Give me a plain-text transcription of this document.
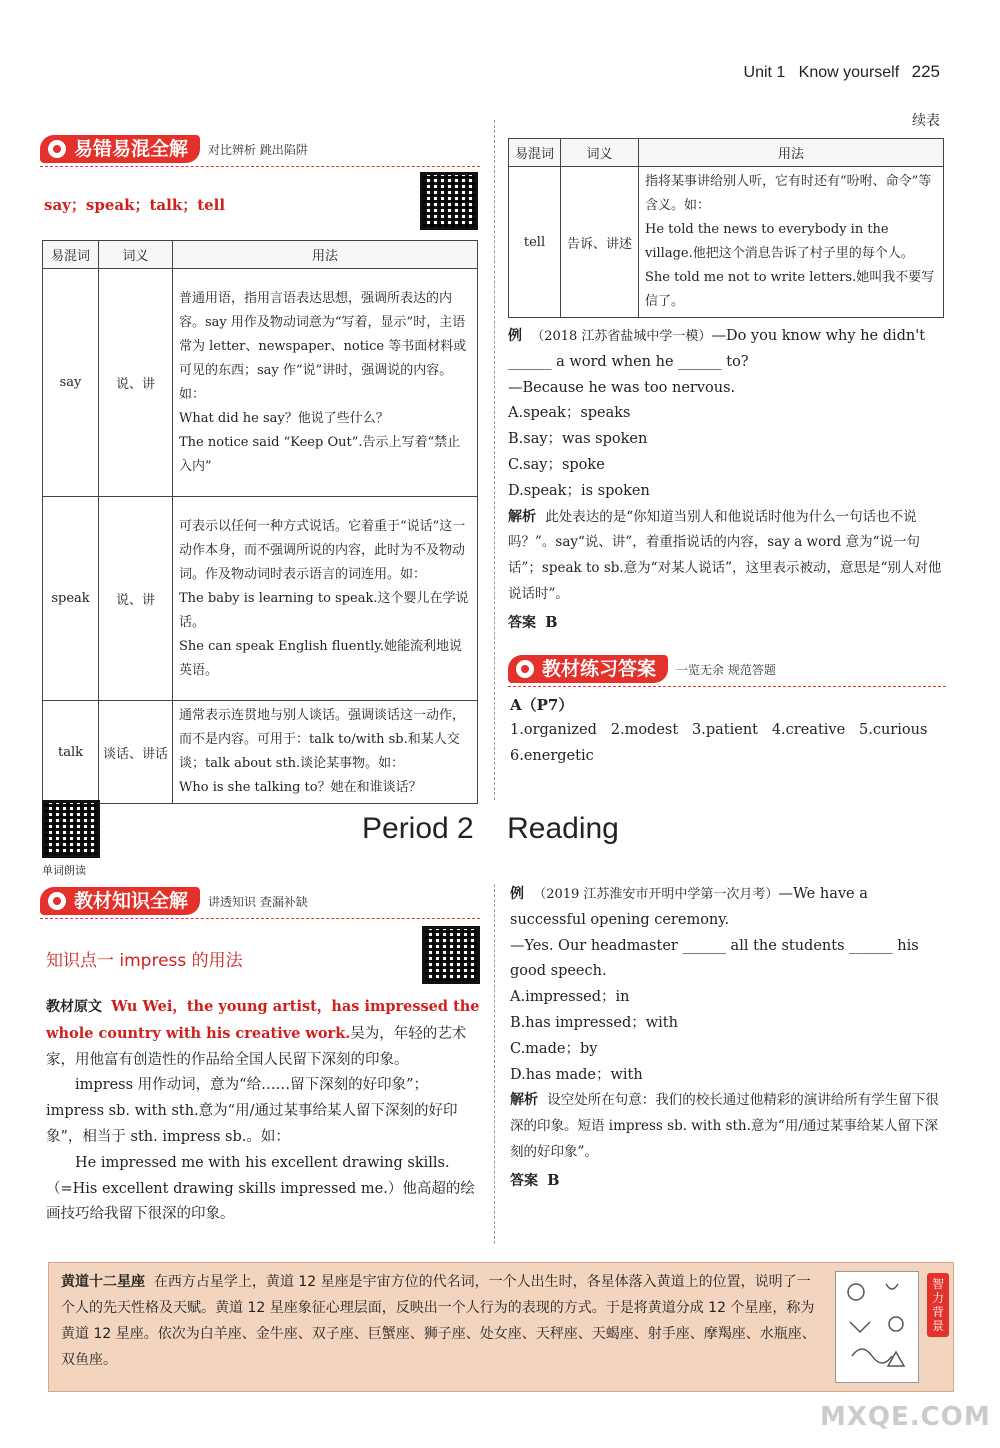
Unit 1 Know yourself 225
易错易混全解	对比辨析 跳出陷阱
say；speak；talk；tell
易混词	词义	用法
say	说、讲	普通用语，指用言语表达思想，强调所表达的内容。say 用作及物动词意为“写着，显示”时，主语常为 letter、newspaper、notice 等书面材料或可见的东西；say 作“说”讲时，强调说的内容。如：
What did he say？他说了些什么？
The notice said “Keep Out”.告示上写着“禁止入内”

speak	说、讲	可表示以任何一种方式说话。它着重于“说话”这一动作本身，而不强调所说的内容，此时为不及物动词。作及物动词时表示语言的词连用。如：
The baby is learning to speak.这个婴儿在学说话。
She can speak English fluently.她能流利地说英语。

talk	谈话、讲话	通常表示连贯地与别人谈话。强调谈话这一动作，而不是内容。可用于：talk to/with sb.和某人交谈；talk about sth.谈论某事物。如：
Who is she talking to？她在和谁谈话？
续表
易混词	词义	用法
tell	告诉、讲述	指将某事讲给别人听，它有时还有“吩咐、命令”等含义。如：
He told the news to everybody in the village.他把这个消息告诉了村子里的每个人。
She told me not to write letters.她叫我不要写信了。
例 （2018 江苏省盐城中学一模）—Do you know why he didn't ______ a word when he ______ to?
—Because he was too nervous.
A.speak；speaks
B.say；was spoken
C.say；spoke
D.speak；is spoken
解析 此处表达的是“你知道当别人和他说话时他为什么一句话也不说吗？”。say“说、讲”，着重指说话的内容，say a word 意为“说一句话”；speak to sb.意为“对某人说话”，这里表示被动，意思是“别人对他说话时”。
答案 B
教材练习答案	一览无余 规范答题
A（P7）
1.organized 2.modest 3.patient 4.creative 5.curious
6.energetic
单词朗读
Period 2 Reading
教材知识全解	讲透知识 查漏补缺
知识点一 impress 的用法
教材原文 Wu Wei，the young artist，has impressed the whole country with his creative work.吴为，年轻的艺术家，用他富有创造性的作品给全国人民留下深刻的印象。
impress 用作动词，意为“给……留下深刻的好印象”；impress sb. with sth.意为“用/通过某事给某人留下深刻的好印象”，相当于 sth. impress sb.。如：
He impressed me with his excellent drawing skills.（=His excellent drawing skills impressed me.）他高超的绘画技巧给我留下很深的印象。
例 （2019 江苏淮安市开明中学第一次月考）—We have a successful opening ceremony.
—Yes. Our headmaster ______ all the students ______ his good speech.
A.impressed；in
B.has impressed；with
C.made；by
D.has made；with
解析 设空处所在句意：我们的校长通过他精彩的演讲给所有学生留下很深的印象。短语 impress sb. with sth.意为“用/通过某事给某人留下深刻的好印象”。
答案 B
黄道十二星座 在西方占星学上，黄道 12 星座是宇宙方位的代名词，一个人出生时，各星体落入黄道上的位置，说明了一个人的先天性格及天赋。黄道 12 星座象征心理层面，反映出一个人行为的表现的方式。于是将黄道分成 12 个星座，称为黄道 12 星座。依次为白羊座、金牛座、双子座、巨蟹座、狮子座、处女座、天秤座、天蝎座、射手座、摩羯座、水瓶座、双鱼座。
智力背景
MXQE.COM
